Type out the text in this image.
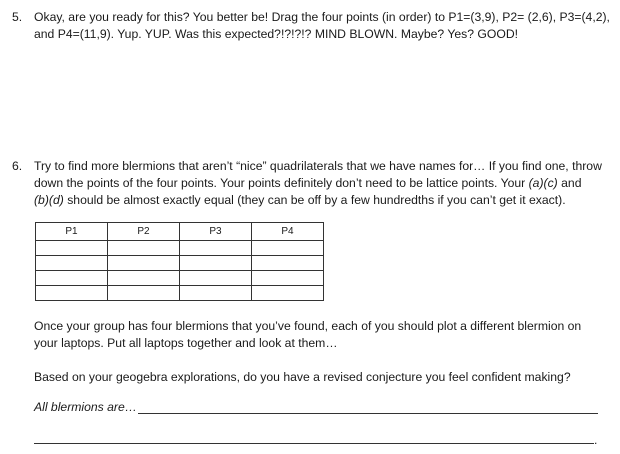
5. Okay, are you ready for this? You better be! Drag the four points (in order) to P1=(3,9), P2= (2,6), P3=(4,2),
and P4=(11,9). Yup. YUP. Was this expected?!?!?!? MIND BLOWN. Maybe? Yes? GOOD!
6. Try to find more blermions that aren’t “nice” quadrilaterals that we have names for… If you find one, throw
down the points of the four points. Your points definitely don’t need to be lattice points. Your (a)(c) and
(b)(d) should be almost exactly equal (they can be off by a few hundredths if you can’t get it exact).
P1	P2	P3	P4

Once your group has four blermions that you’ve found, each of you should plot a different blermion on
your laptops. Put all laptops together and look at them…
Based on your geogebra explorations, do you have a revised conjecture you feel confident making?
All blermions are…
.
